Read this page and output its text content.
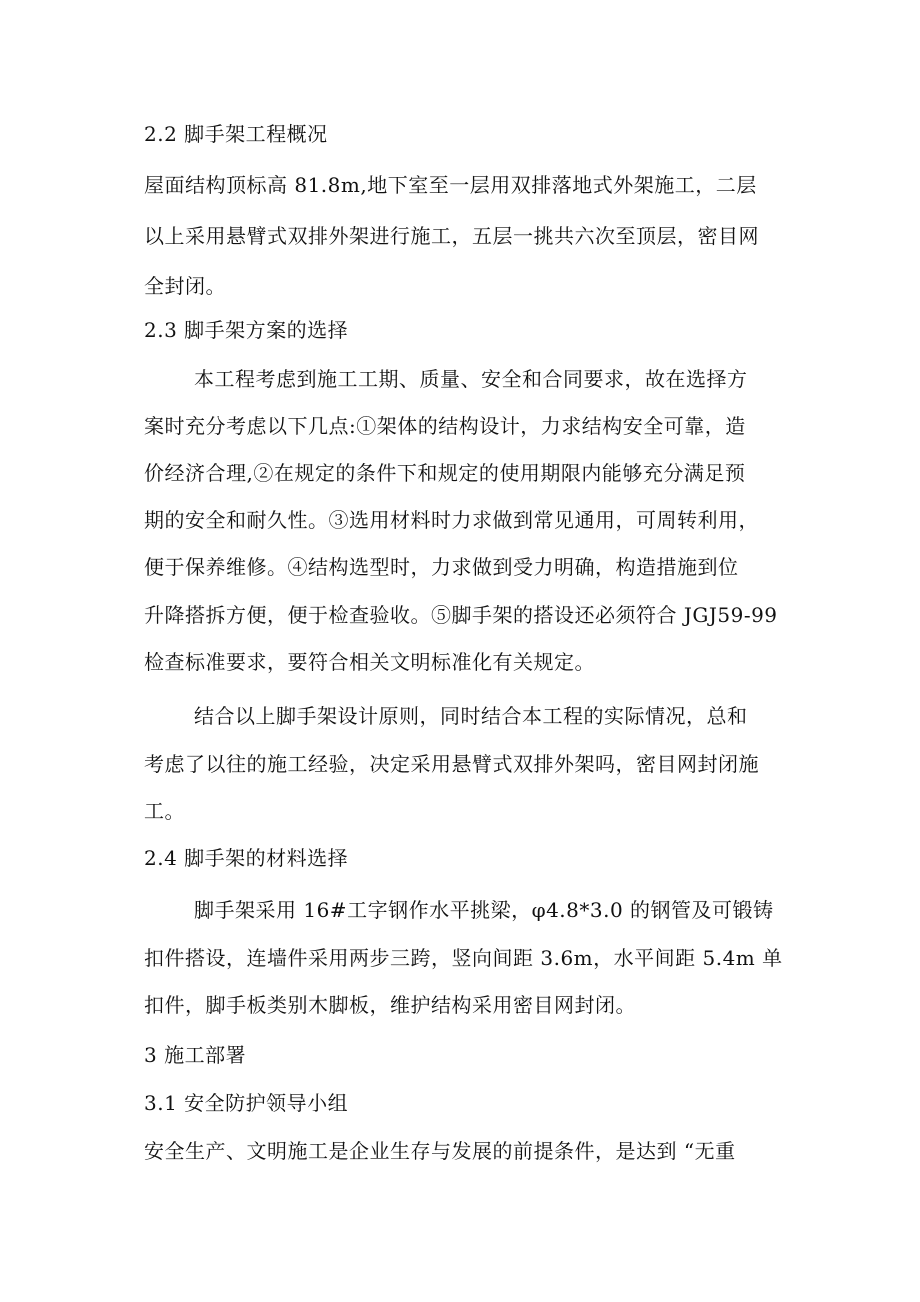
2.2 脚手架工程概况
屋面结构顶标高 81.8m,地下室至一层用双排落地式外架施工，二层
以上采用悬臂式双排外架进行施工，五层一挑共六次至顶层，密目网
全封闭。
2.3 脚手架方案的选择
本工程考虑到施工工期、质量、安全和合同要求，故在选择方
案时充分考虑以下几点:①架体的结构设计，力求结构安全可靠，造
价经济合理,②在规定的条件下和规定的使用期限内能够充分满足预
期的安全和耐久性。③选用材料时力求做到常见通用，可周转利用，
便于保养维修。④结构选型时，力求做到受力明确，构造措施到位
升降搭拆方便，便于检查验收。⑤脚手架的搭设还必须符合 JGJ59-99
检查标准要求，要符合相关文明标准化有关规定。
结合以上脚手架设计原则，同时结合本工程的实际情况，总和
考虑了以往的施工经验，决定采用悬臂式双排外架吗，密目网封闭施
工。
2.4 脚手架的材料选择
脚手架采用 16#工字钢作水平挑梁，φ4.8*3.0 的钢管及可锻铸
扣件搭设，连墙件采用两步三跨，竖向间距 3.6m，水平间距 5.4m 单
扣件，脚手板类别木脚板，维护结构采用密目网封闭。
3 施工部署
3.1 安全防护领导小组
安全生产、文明施工是企业生存与发展的前提条件，是达到 “无重
